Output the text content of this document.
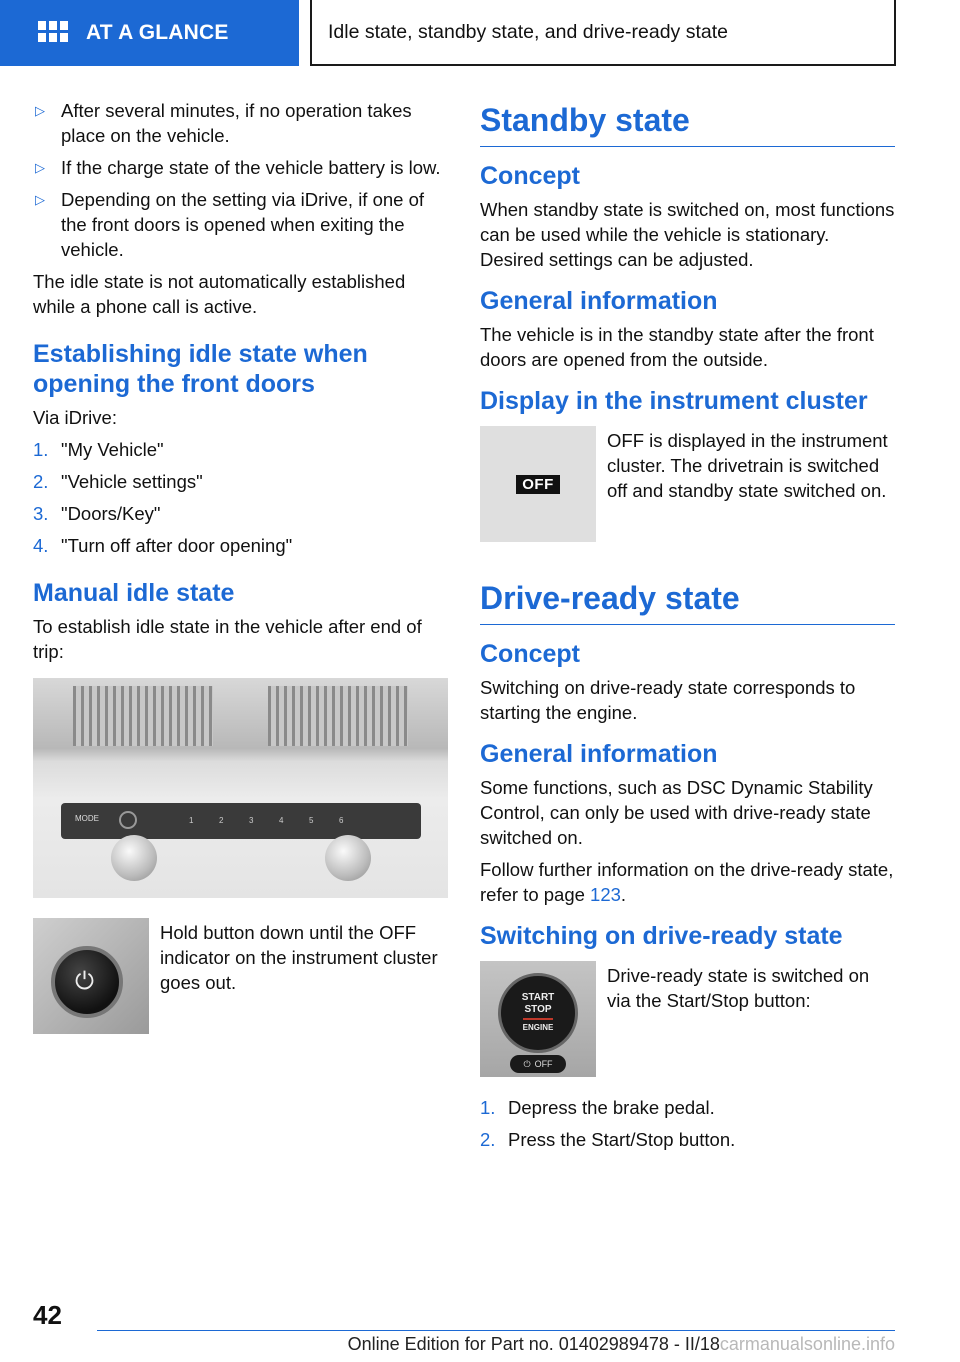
AT A GLANCE	Idle state, standby state, and drive-ready state
▷ After several minutes, if no operation takes place on the vehicle.
▷ If the charge state of the vehicle battery is low.
▷ Depending on the setting via iDrive, if one of the front doors is opened when exiting the vehicle.

The idle state is not automatically established while a phone call is active.

Establishing idle state when opening the front doors

Via iDrive:

1. "My Vehicle"
2. "Vehicle settings"
3. "Doors/Key"
4. "Turn off after door opening"
Manual idle state

To establish idle state in the vehicle after end of trip:

MODE	1	2	3	4	5	6
⏻

Hold button down until the OFF indicator on the instrument cluster goes out.

Standby state
Concept

When standby state is switched on, most functions can be used while the vehicle is stationary. Desired settings can be adjusted.

General information

The vehicle is in the standby state after the front doors are opened from the outside.

Display in the instrument cluster
OFF

OFF is displayed in the instrument cluster. The drivetrain is switched off and standby state switched on.

Drive-ready state
Concept

Switching on drive-ready state corresponds to starting the engine.

General information

Some functions, such as DSC Dynamic Stability Control, can only be used with drive-ready state switched on.

Follow further information on the drive-ready state, refer to page 123.

Switching on drive-ready state
START
STOP
ENGINE
⏻ OFF

Drive-ready state is switched on via the Start/Stop button:

1. Depress the brake pedal.
2. Press the Start/Stop button.
42
Online Edition for Part no. 01402989478 - II/18carmanualsonline.info
